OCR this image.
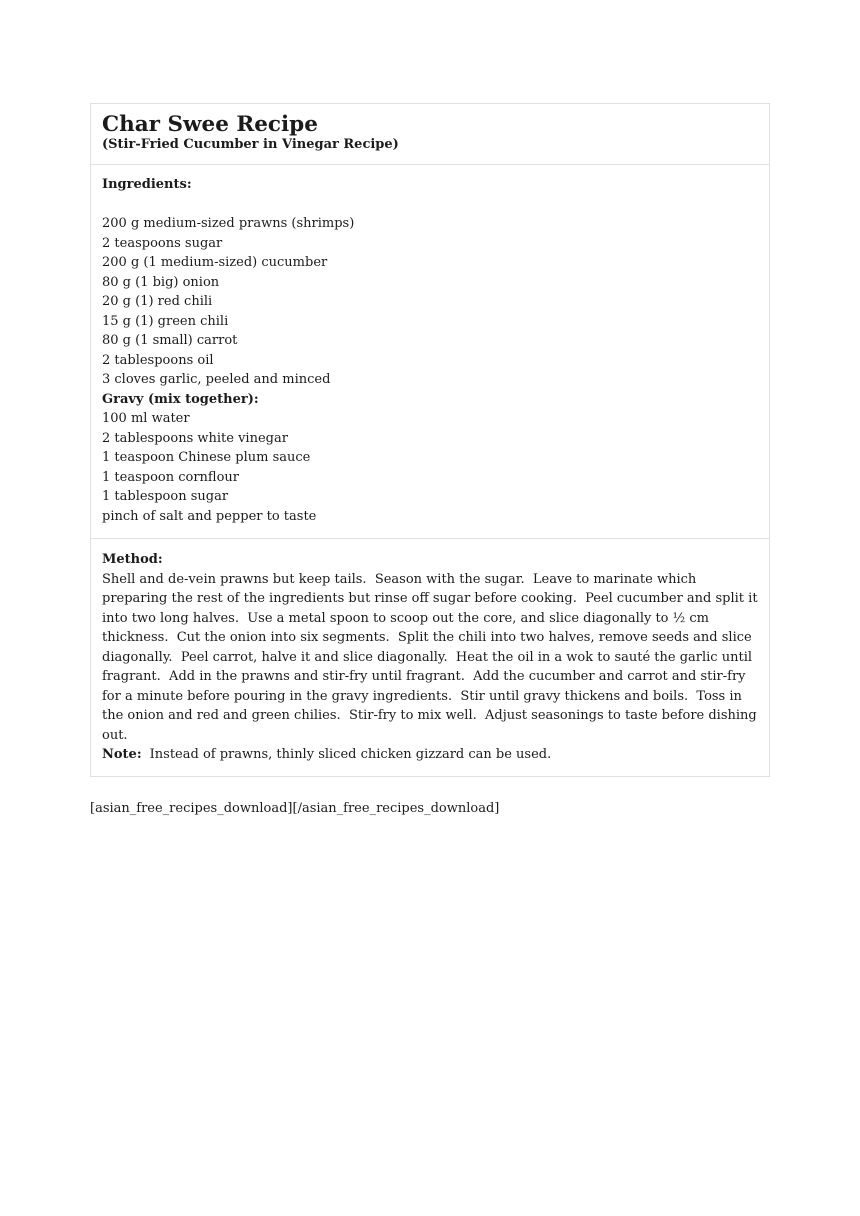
Char Swee Recipe
(Stir-Fried Cucumber in Vinegar Recipe)
Ingredients:
200 g medium-sized prawns (shrimps)
2 teaspoons sugar
200 g (1 medium-sized) cucumber
80 g (1 big) onion
20 g (1) red chili
15 g (1) green chili
80 g (1 small) carrot
2 tablespoons oil
3 cloves garlic, peeled and minced
Gravy (mix together):
100 ml water
2 tablespoons white vinegar
1 teaspoon Chinese plum sauce
1 teaspoon cornflour
1 tablespoon sugar
pinch of salt and pepper to taste
Method:
Shell and de-vein prawns but keep tails.  Season with the sugar.  Leave to marinate which preparing the rest of the ingredients but rinse off sugar before cooking.  Peel cucumber and split it into two long halves.  Use a metal spoon to scoop out the core, and slice diagonally to ½ cm thickness.  Cut the onion into six segments.  Split the chili into two halves, remove seeds and slice diagonally.  Peel carrot, halve it and slice diagonally.  Heat the oil in a wok to sauté the garlic until fragrant.  Add in the prawns and stir-fry until fragrant.  Add the cucumber and carrot and stir-fry for a minute before pouring in the gravy ingredients.  Stir until gravy thickens and boils.  Toss in the onion and red and green chilies.  Stir-fry to mix well.  Adjust seasonings to taste before dishing out.
Note: Instead of prawns, thinly sliced chicken gizzard can be used.
[asian_free_recipes_download][/asian_free_recipes_download]
